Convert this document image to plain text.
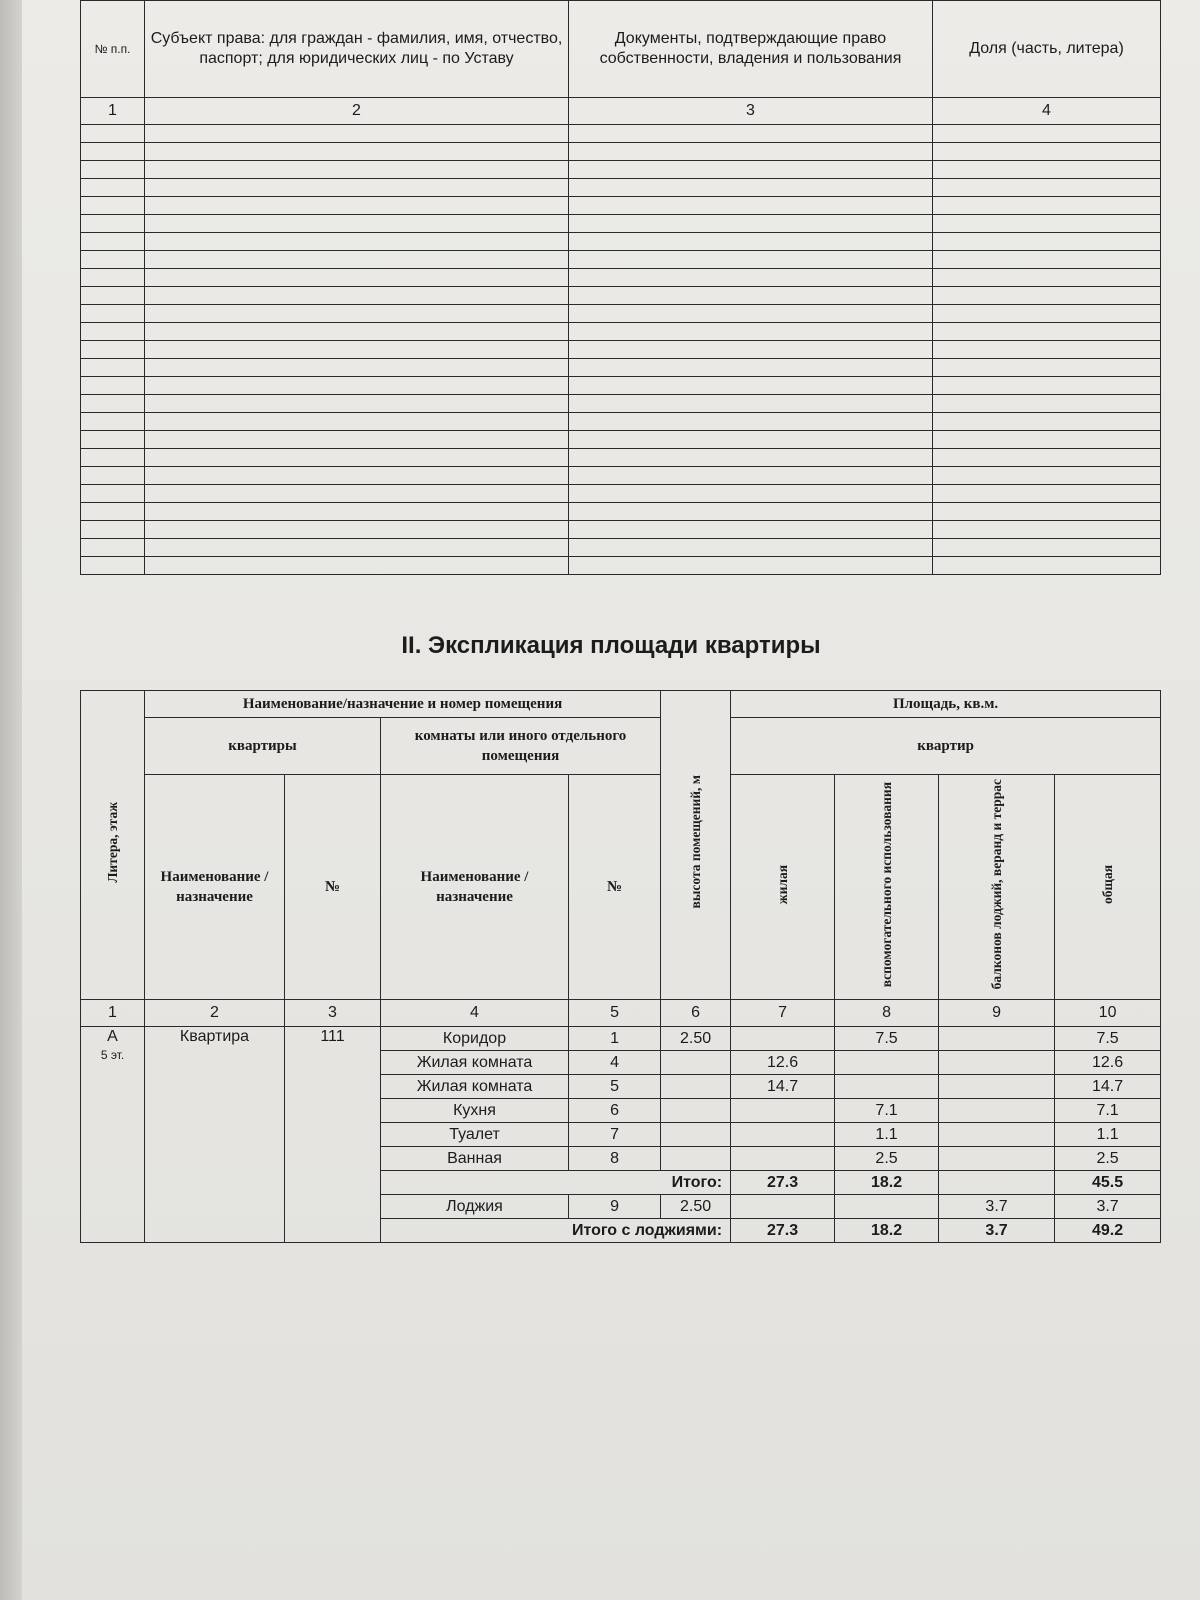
№ п.п.	Субъект права: для граждан - фамилия, имя, отчество, паспорт; для юридических лиц - по Уставу	Документы, подтверждающие право собственности, владения и пользования	Доля (часть, литера)
1	2	3	4

II. Экспликация площади квартиры
Литера, этаж	Наименование/назначение и номер помещения				высота помещений, м	Площадь, кв.м.			
	квартиры		комнаты или иного отдельного помещения			квартир			
	Наименование / назначение	№	Наименование / назначение	№		жилая	вспомогательного использования	балконов лоджий, веранд и террас	общая
1	2	3	4	5	6	7	8	9	10

А
5 эт.	Квартира	111	Коридор	1	2.50		7.5		7.5
			Жилая комната	4		12.6			12.6
			Жилая комната	5		14.7			14.7
			Кухня	6			7.1		7.1
			Туалет	7			1.1		1.1
			Ванная	8			2.5		2.5
			Итого:			27.3	18.2		45.5
			Лоджия	9	2.50			3.7	3.7
			Итого с лоджиями:			27.3	18.2	3.7	49.2
